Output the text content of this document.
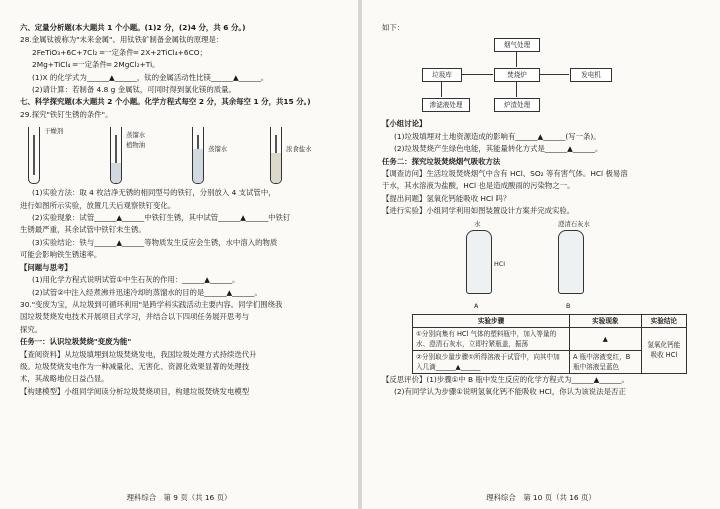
六、定量分析题(本大题共 1 个小题。(1)2 分，(2)4 分，共 6 分。)
28.金属钛被称为"未来金属"。用钛铁矿制备金属钛的原理是：
2FeTiO₃+6C+7Cl₂ ═一定条件═ 2X+2TiCl₄+6CO；
2Mg+TiCl₄ ═一定条件═ 2MgCl₂+Ti。
(1)X 的化学式为______▲______，钛的金属活动性比镁______▲______。
(2)请计算：若制备 4.8 g 金属钛，可同时得到氯化镁的质量。
七、科学探究题(本大题共 2 个小题。化学方程式每空 2 分，其余每空 1 分，共15 分。)
29.探究"铁钉生锈的条件"。
干燥剂	蒸馏水
植物油	蒸馏水	浓食盐水
(1)实验方法：取 4 枚洁净无锈的相同型号的铁钉，分别放入 4 支试管中，
进行如图所示实验，放置几天后观察铁钉变化。
(2)实验现象：试管______▲______中铁钉生锈，其中试管______▲______中铁钉
生锈最严重，其余试管中铁钉未生锈。
(3)实验结论：铁与______▲______等物质发生反应会生锈，水中溶入的物质
可能会影响铁生锈速率。
【问题与思考】
(1)用化学方程式说明试管①中生石灰的作用：______▲______。
(2)试管②中注入经煮沸并迅速冷却的蒸馏水的目的是______▲______。
30."变废为宝，从垃圾到可循环利用"是跨学科实践活动主要内容。同学们围绕我
国垃圾焚烧发电技术开展项目式学习，并结合以下四项任务展开思考与
探究。
任务一：认识垃圾焚烧"变废为能"
【查阅资料】从垃圾填埋到垃圾焚烧发电，我国垃圾处理方式持续迭代升
级。垃圾焚烧发电作为一种减量化、无害化、资源化效果显著的处理技
术，其战略地位日益凸显。
【构建模型】小组同学阅读分析垃圾焚烧项目，构建垃圾焚烧发电模型
理科综合　第 9 页（共 16 页）
如下：
烟气处理
垃圾库	焚烧炉	发电机
渗滤液处理	炉渣处理
【小组讨论】
(1)垃圾填埋对土地资源造成的影响有______▲______(写一条)。
(2)垃圾焚烧产生绿色电能，其能量转化方式是______▲______。
任务二：探究垃圾焚烧烟气吸收方法
【调查访问】生活垃圾焚烧烟气中含有 HCl、SO₂ 等有害气体。HCl 极易溶
于水，其水溶液为盐酸，HCl 也是造成酸雨的污染物之一。
【提出问题】氢氧化钙能吸收 HCl 吗？
【进行实验】小组同学利用如图装置设计方案并完成实验。
水
HCl
A
澄清石灰水
B
实验步骤	实验现象	实验结论
①分别向集有 HCl 气体的塑料瓶中，加入等量的水、澄清石灰水，立即拧紧瓶盖，振荡	▲	氢氧化钙能吸收 HCl
②分别取少量步骤①所得溶液于试管中，向其中加入几滴______▲______	A 瓶中溶液变红，B 瓶中溶液呈蓝色	
【反思评价】(1)步骤①中 B 瓶中发生反应的化学方程式为______▲______。
(2)有同学认为步骤①说明氢氧化钙不能吸收 HCl，你认为该说法是否正
理科综合　第 10 页（共 16 页）
